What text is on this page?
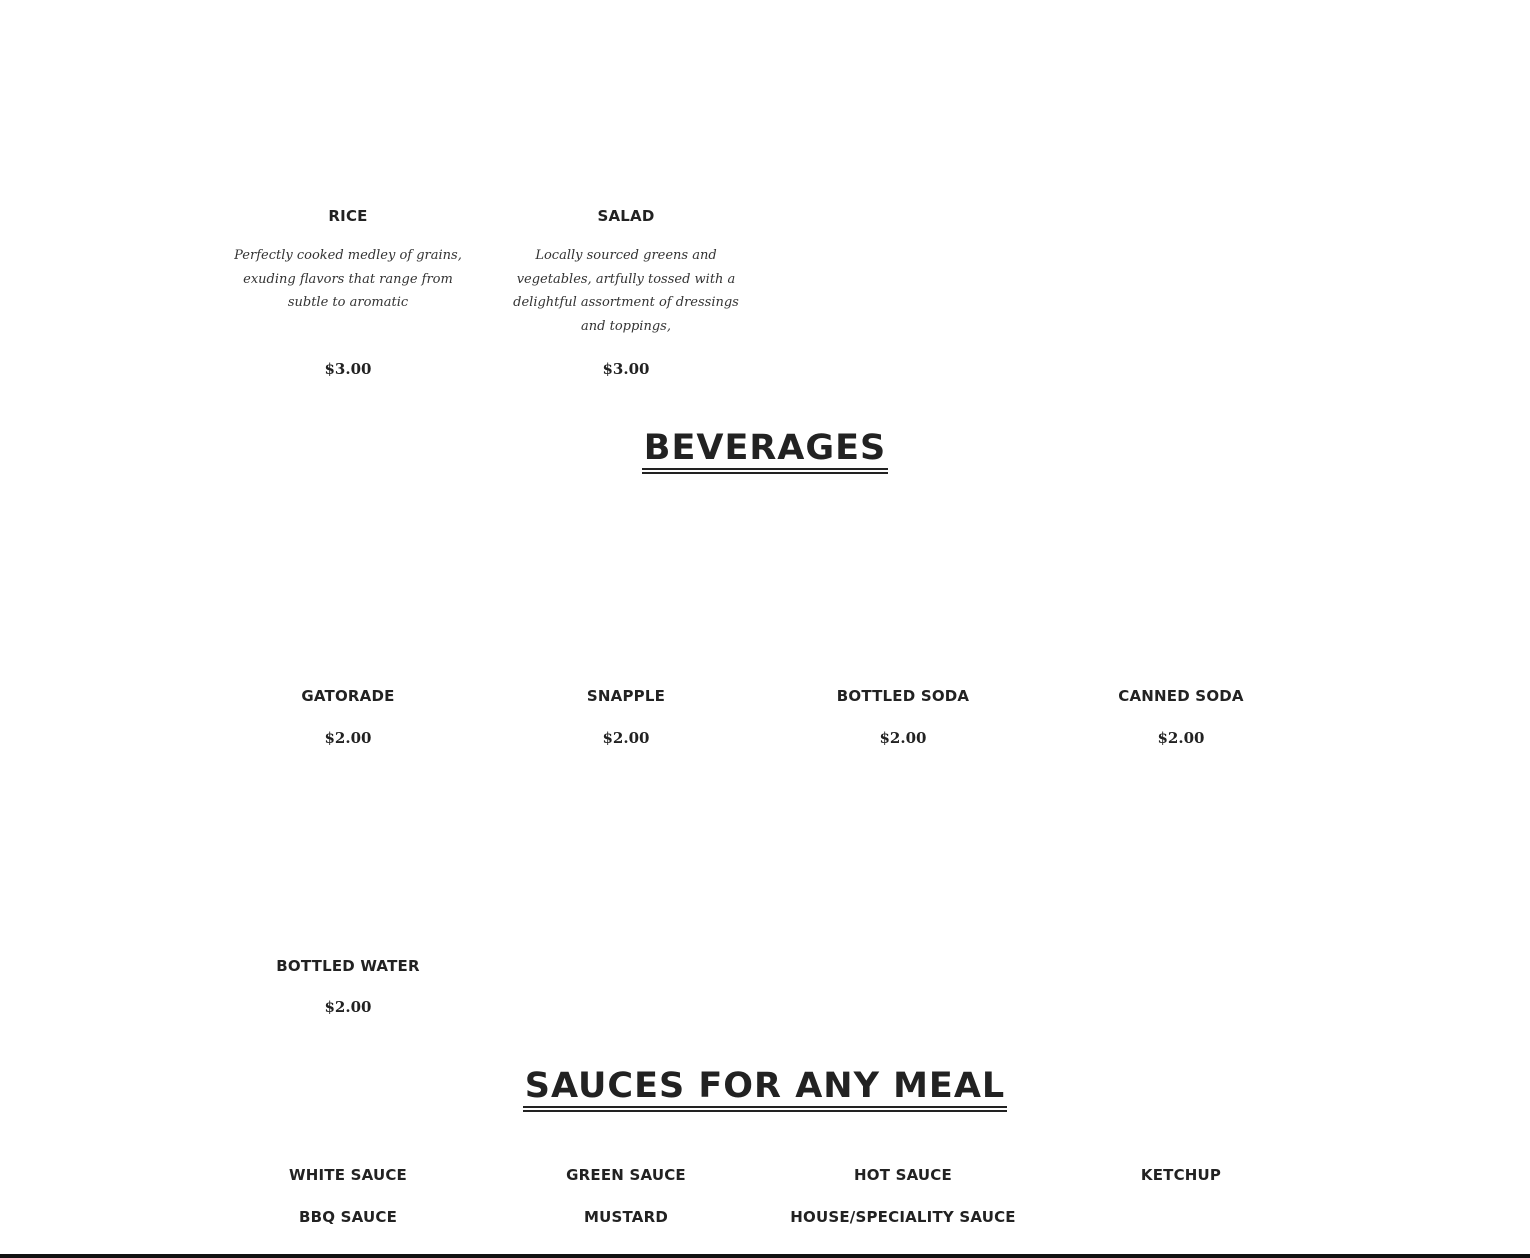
RICE
Perfectly cooked medley of grains, exuding flavors that range from subtle to aromatic
$3.00
SALAD
Locally sourced greens and vegetables, artfully tossed with a delightful assortment of dressings and toppings,
$3.00
BEVERAGES
GATORADE
$2.00
SNAPPLE
$2.00
BOTTLED SODA
$2.00
CANNED SODA
$2.00
BOTTLED WATER
$2.00
SAUCES FOR ANY MEAL
WHITE SAUCE	GREEN SAUCE	HOT SAUCE	KETCHUP
BBQ SAUCE	MUSTARD	HOUSE/SPECIALITY SAUCE
